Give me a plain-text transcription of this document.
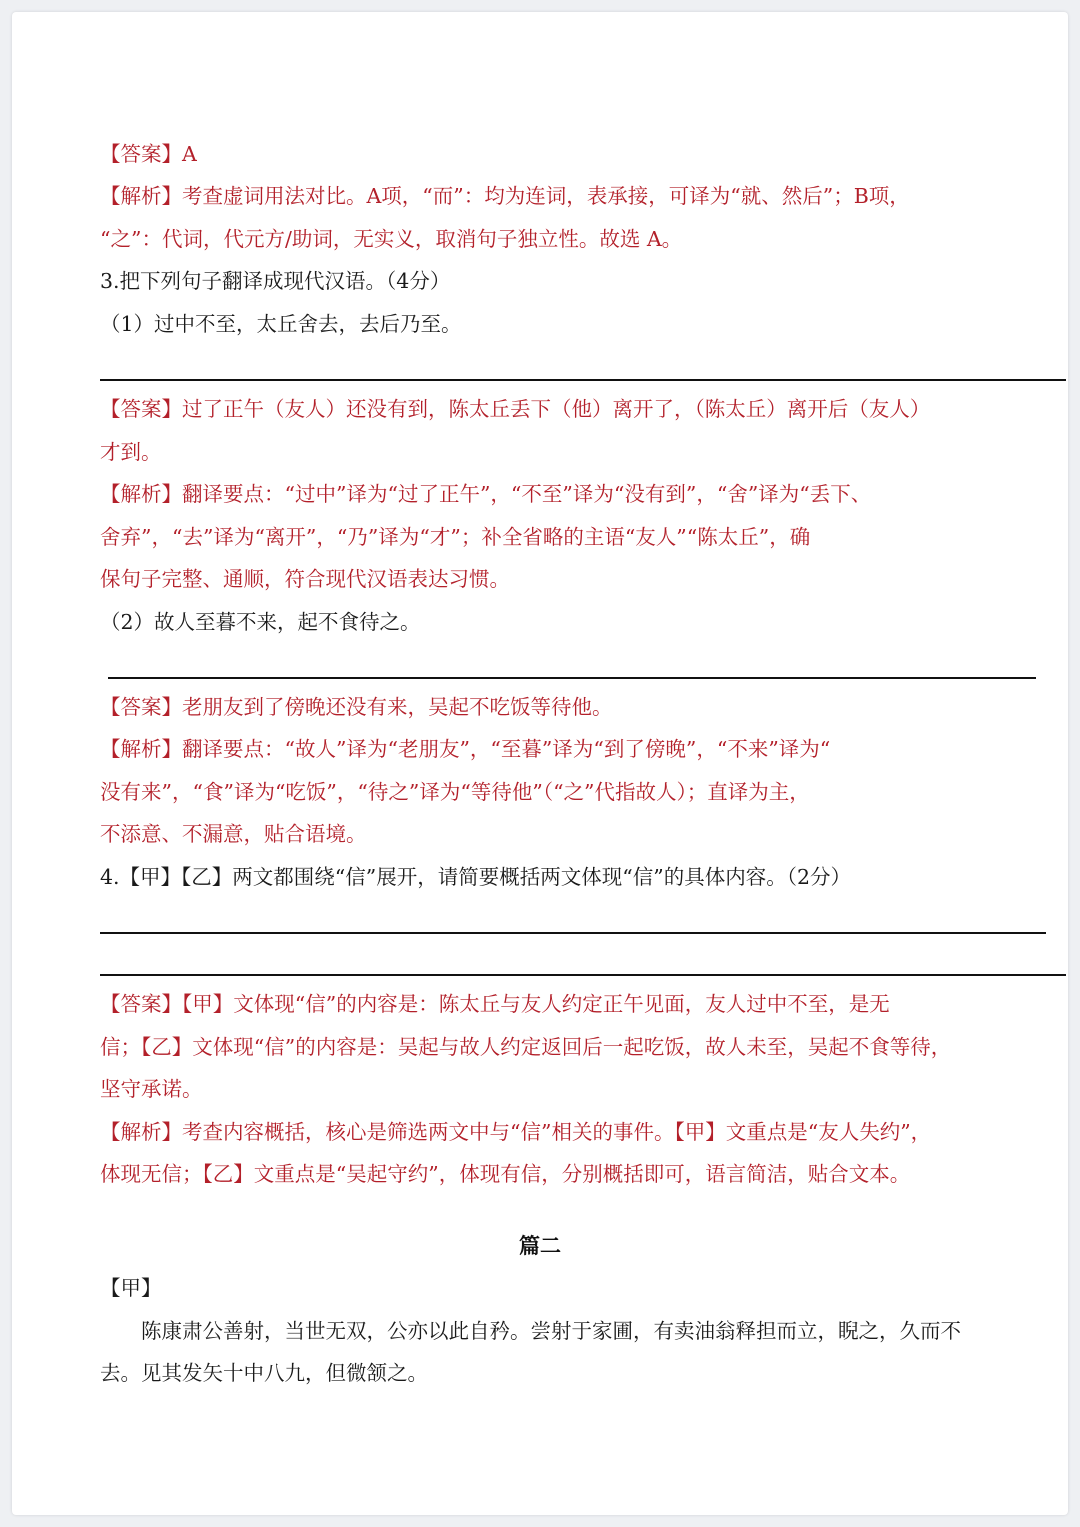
【答案】A
【解析】考查虚词用法对比。A项，“而”：均为连词，表承接，可译为“就、然后”；B项，
“之”：代词，代元方/助词，无实义，取消句子独立性。故选 A。
3.把下列句子翻译成现代汉语。（4分）
（1）过中不至，太丘舍去，去后乃至。
【答案】过了正午（友人）还没有到，陈太丘丢下（他）离开了，（陈太丘）离开后（友人）
才到。
【解析】翻译要点：“过中”译为“过了正午”，“不至”译为“没有到”，“舍”译为“丢下、
舍弃”，“去”译为“离开”，“乃”译为“才”；补全省略的主语“友人”“陈太丘”，确
保句子完整、通顺，符合现代汉语表达习惯。
（2）故人至暮不来，起不食待之。
【答案】老朋友到了傍晚还没有来，吴起不吃饭等待他。
【解析】翻译要点：“故人”译为“老朋友”，“至暮”译为“到了傍晚”，“不来”译为“
没有来”，“食”译为“吃饭”，“待之”译为“等待他”（“之”代指故人）；直译为主，
不添意、不漏意，贴合语境。
4.【甲】【乙】两文都围绕“信”展开，请简要概括两文体现“信”的具体内容。（2分）
【答案】【甲】文体现“信”的内容是：陈太丘与友人约定正午见面，友人过中不至，是无
信；【乙】文体现“信”的内容是：吴起与故人约定返回后一起吃饭，故人未至，吴起不食等待，
坚守承诺。
【解析】考查内容概括，核心是筛选两文中与“信”相关的事件。【甲】文重点是“友人失约”，
体现无信；【乙】文重点是“吴起守约”，体现有信，分别概括即可，语言简洁，贴合文本。
篇二
【甲】
　　陈康肃公善射，当世无双，公亦以此自矜。尝射于家圃，有卖油翁释担而立，睨之，久而不
去。见其发矢十中八九，但微颔之。
